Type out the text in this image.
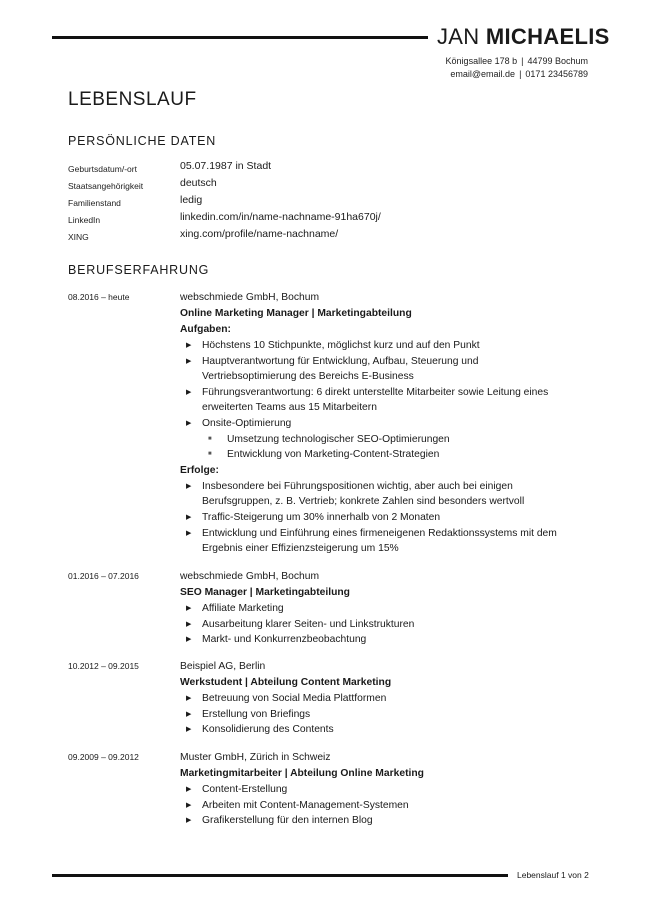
JAN MICHAELIS
Königsallee 178 b | 44799 Bochum
email@email.de | 0171 23456789
LEBENSLAUF
PERSÖNLICHE DATEN
Geburtsdatum/-ort	05.07.1987 in Stadt
Staatsangehörigkeit	deutsch
Familienstand	ledig
LinkedIn	linkedin.com/in/name-nachname-91ha670j/
XING	xing.com/profile/name-nachname/
BERUFSERFAHRUNG
08.2016 – heute	webschmiede GmbH, Bochum
Online Marketing Manager | Marketingabteilung
Aufgaben:
▶ Höchstens 10 Stichpunkte, möglichst kurz und auf den Punkt
▶ Hauptverantwortung für Entwicklung, Aufbau, Steuerung und
Vertriebsoptimierung des Bereichs E-Business
▶ Führungsverantwortung: 6 direkt unterstellte Mitarbeiter sowie Leitung eines
erweiterten Teams aus 15 Mitarbeitern
▶ Onsite-Optimierung
■ Umsetzung technologischer SEO-Optimierungen
■ Entwicklung von Marketing-Content-Strategien
Erfolge:
▶ Insbesondere bei Führungspositionen wichtig, aber auch bei einigen
Berufsgruppen, z. B. Vertrieb; konkrete Zahlen sind besonders wertvoll
▶ Traffic-Steigerung um 30% innerhalb von 2 Monaten
▶ Entwicklung und Einführung eines firmeneigenen Redaktionssystems mit dem
Ergebnis einer Effizienzsteigerung um 15%
01.2016 – 07.2016	webschmiede GmbH, Bochum
SEO Manager | Marketingabteilung
▶ Affiliate Marketing
▶ Ausarbeitung klarer Seiten- und Linkstrukturen
▶ Markt- und Konkurrenzbeobachtung
10.2012 – 09.2015	Beispiel AG, Berlin
Werkstudent | Abteilung Content Marketing
▶ Betreuung von Social Media Plattformen
▶ Erstellung von Briefings
▶ Konsolidierung des Contents
09.2009 – 09.2012	Muster GmbH, Zürich in Schweiz
Marketingmitarbeiter | Abteilung Online Marketing
▶ Content-Erstellung
▶ Arbeiten mit Content-Management-Systemen
▶ Grafikerstellung für den internen Blog
Lebenslauf 1 von 2
